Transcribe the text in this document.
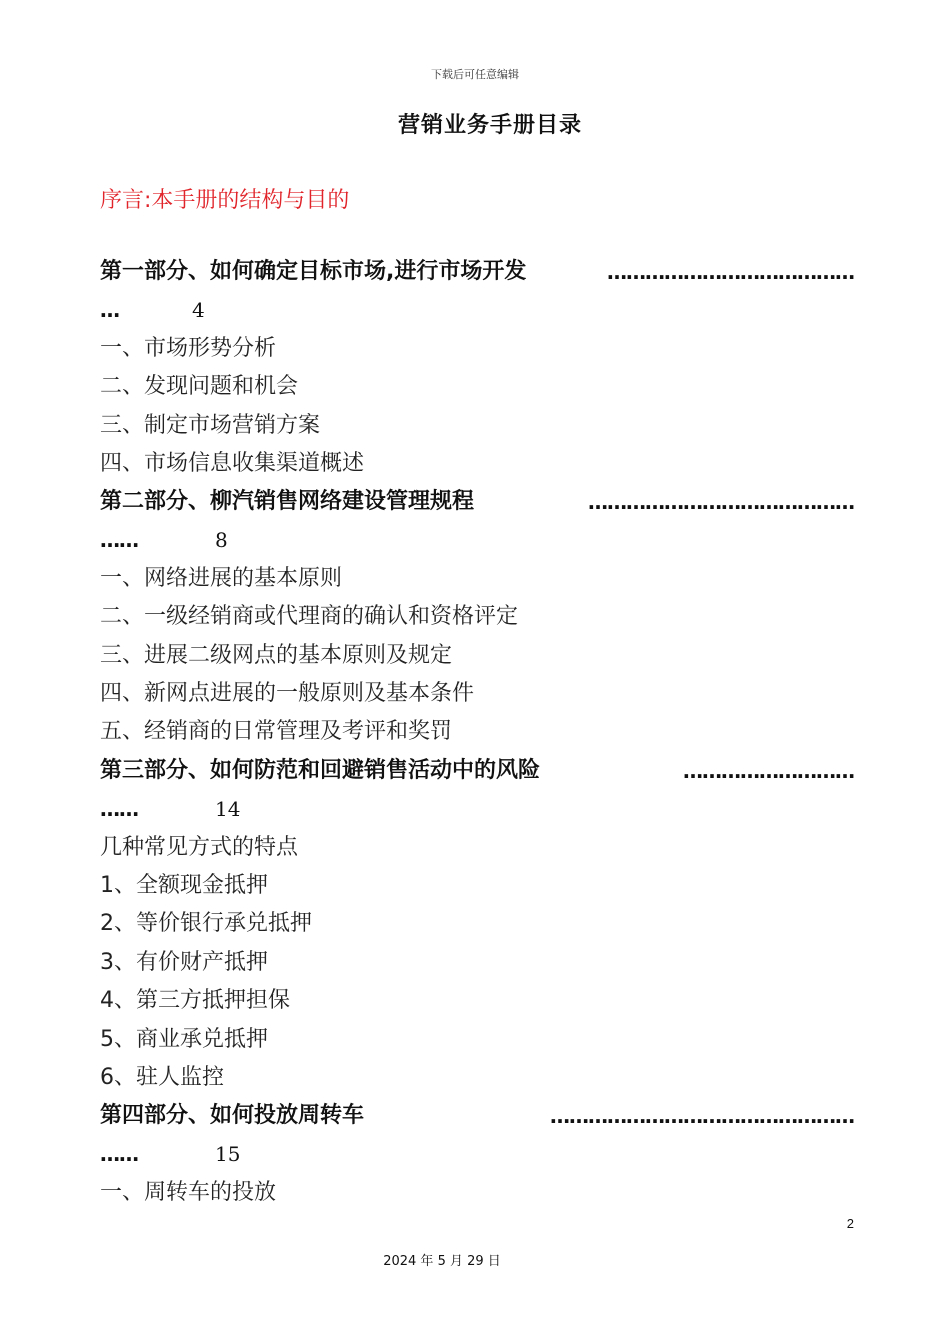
下载后可任意编辑
营销业务手册目录
序言:本手册的结构与目的
第一部分、如何确定目标市场,进行市场开发	…………………………………
…	4
一、市场形势分析
二、发现问题和机会
三、制定市场营销方案
四、市场信息收集渠道概述
第二部分、柳汽销售网络建设管理规程	……………………………………
……	8
一、网络进展的基本原则
二、一级经销商或代理商的确认和资格评定
三、进展二级网点的基本原则及规定
四、新网点进展的一般原则及基本条件
五、经销商的日常管理及考评和奖罚
第三部分、如何防范和回避销售活动中的风险	………………………
……	14
几种常见方式的特点
1、全额现金抵押
2、等价银行承兑抵押
3、有价财产抵押
4、第三方抵押担保
5、商业承兑抵押
6、驻人监控
第四部分、如何投放周转车	…………………………………………
……	15
一、周转车的投放
2
2024 年 5 月 29 日
